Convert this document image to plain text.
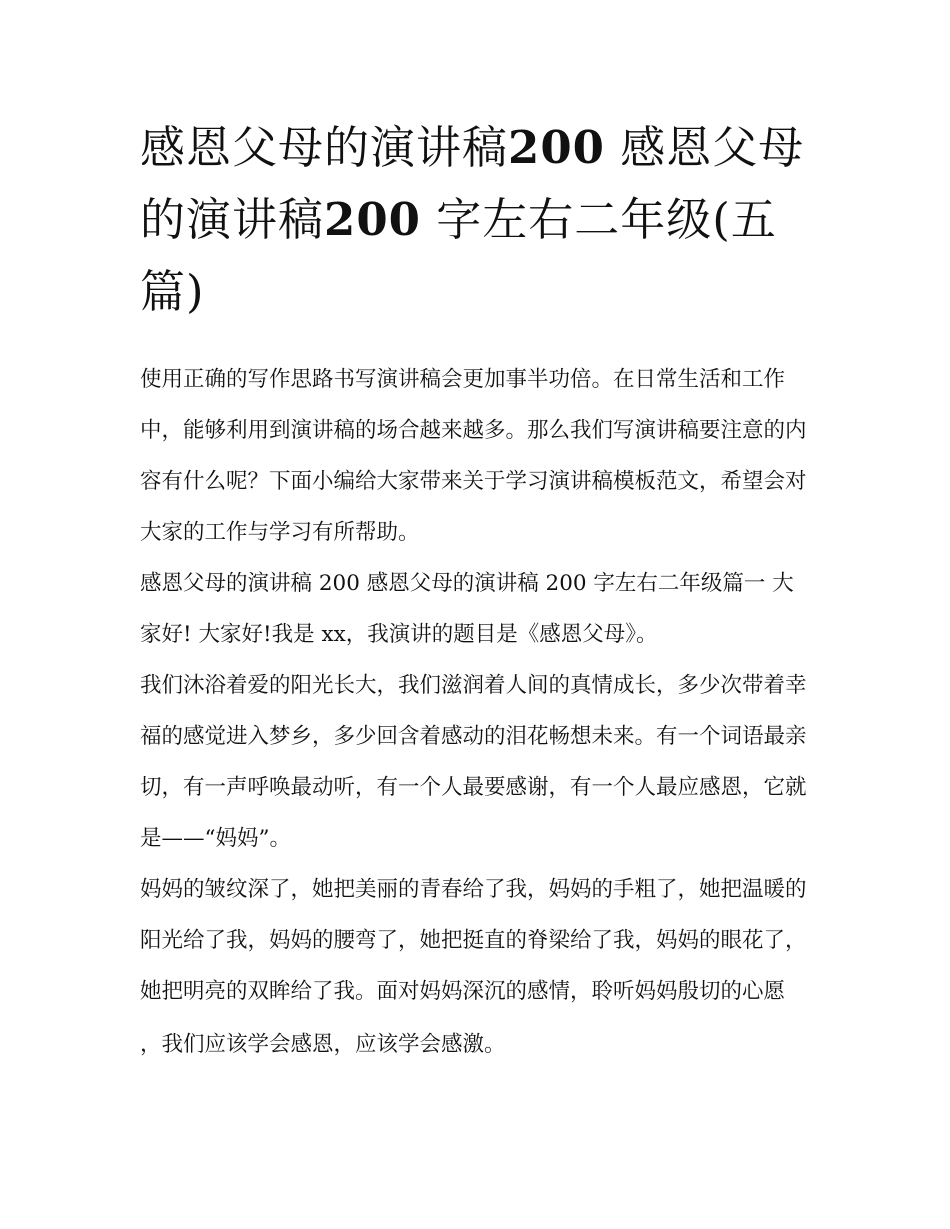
感恩父母的演讲稿200 感恩父母的演讲稿200 字左右二年级(五篇)

使用正确的写作思路书写演讲稿会更加事半功倍。在日常生活和工作中，能够利用到演讲稿的场合越来越多。那么我们写演讲稿要注意的内容有什么呢？下面小编给大家带来关于学习演讲稿模板范文，希望会对大家的工作与学习有所帮助。

感恩父母的演讲稿 200 感恩父母的演讲稿 200 字左右二年级篇一 大家好! 大家好!我是 xx，我演讲的题目是《感恩父母》。

我们沐浴着爱的阳光长大，我们滋润着人间的真情成长，多少次带着幸福的感觉进入梦乡，多少回含着感动的泪花畅想未来。有一个词语最亲切，有一声呼唤最动听，有一个人最要感谢，有一个人最应感恩，它就是——“妈妈”。

妈妈的皱纹深了，她把美丽的青春给了我，妈妈的手粗了，她把温暖的阳光给了我，妈妈的腰弯了，她把挺直的脊梁给了我，妈妈的眼花了，她把明亮的双眸给了我。面对妈妈深沉的感情，聆听妈妈殷切的心愿

，我们应该学会感恩，应该学会感激。
